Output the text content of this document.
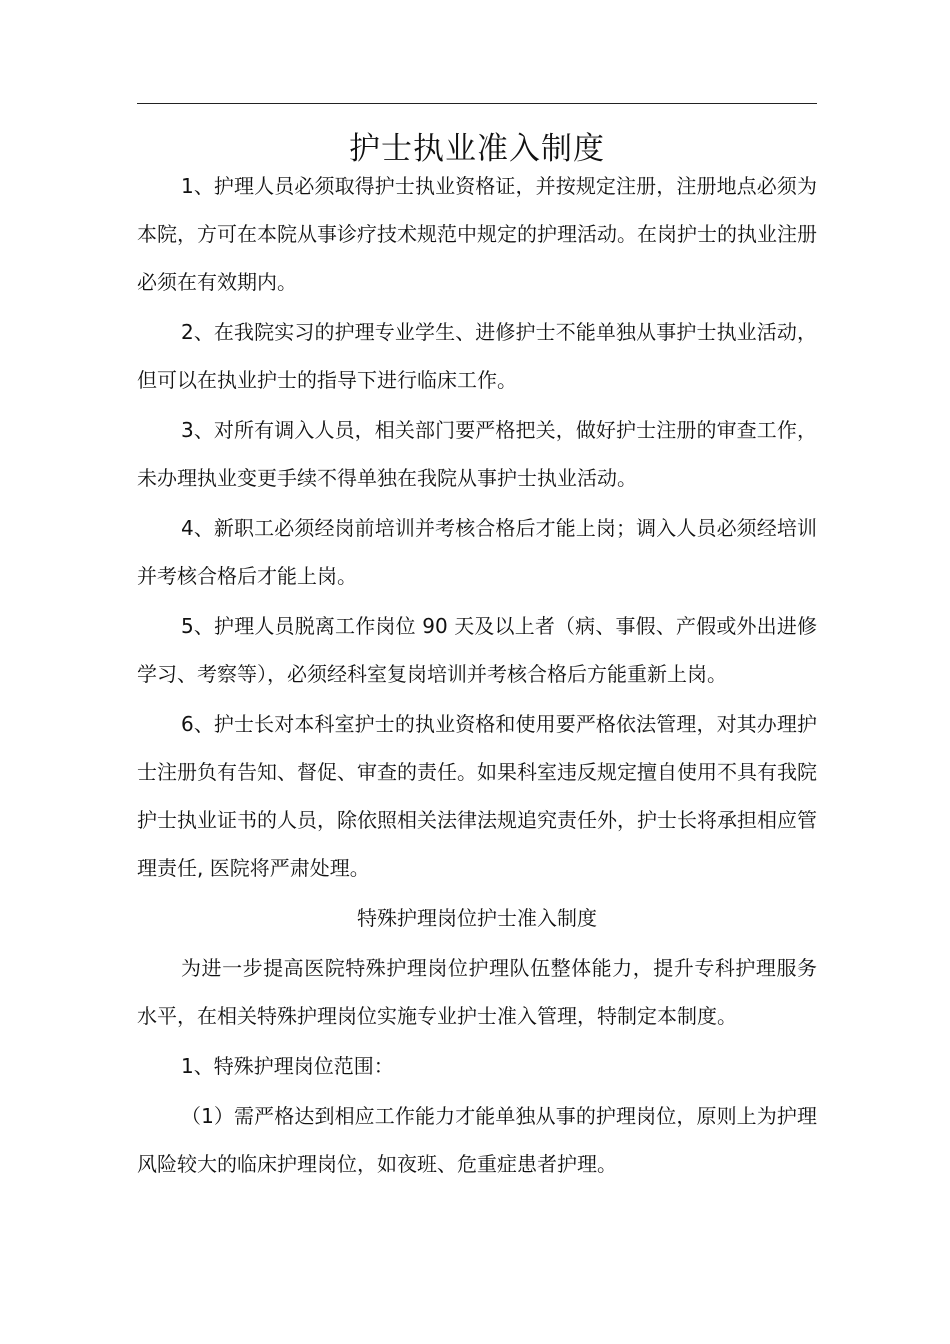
护士执业准入制度

1、护理人员必须取得护士执业资格证，并按规定注册，注册地点必须为本院，方可在本院从事诊疗技术规范中规定的护理活动。在岗护士的执业注册必须在有效期内。

2、在我院实习的护理专业学生、进修护士不能单独从事护士执业活动，但可以在执业护士的指导下进行临床工作。

3、对所有调入人员，相关部门要严格把关，做好护士注册的审查工作，未办理执业变更手续不得单独在我院从事护士执业活动。

4、新职工必须经岗前培训并考核合格后才能上岗；调入人员必须经培训并考核合格后才能上岗。

5、护理人员脱离工作岗位 90 天及以上者（病、事假、产假或外出进修学习、考察等），必须经科室复岗培训并考核合格后方能重新上岗。

6、护士长对本科室护士的执业资格和使用要严格依法管理，对其办理护士注册负有告知、督促、审查的责任。如果科室违反规定擅自使用不具有我院护士执业证书的人员，除依照相关法律法规追究责任外，护士长将承担相应管理责任, 医院将严肃处理。

特殊护理岗位护士准入制度

为进一步提高医院特殊护理岗位护理队伍整体能力，提升专科护理服务水平，在相关特殊护理岗位实施专业护士准入管理，特制定本制度。

1、特殊护理岗位范围：

（1）需严格达到相应工作能力才能单独从事的护理岗位，原则上为护理风险较大的临床护理岗位，如夜班、危重症患者护理。
